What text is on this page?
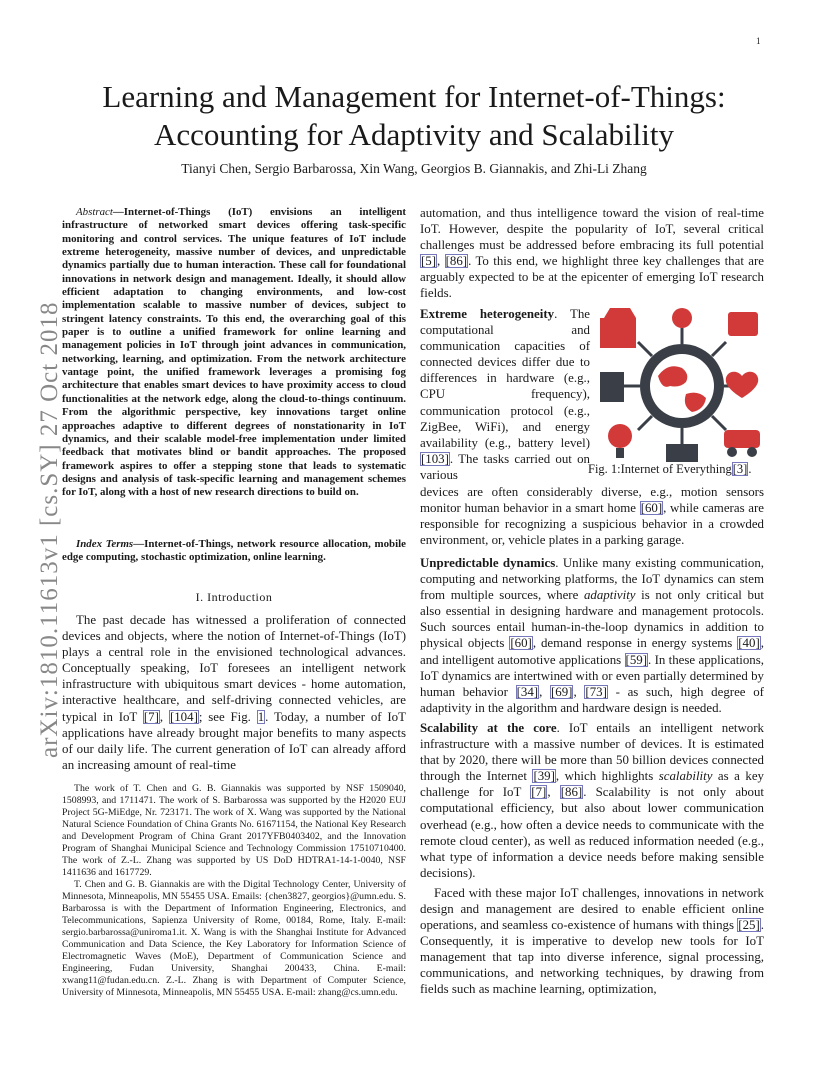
1
arXiv:1810.11613v1 [cs.SY] 27 Oct 2018
Learning and Management for Internet-of-Things:
Accounting for Adaptivity and Scalability
Tianyi Chen, Sergio Barbarossa, Xin Wang, Georgios B. Giannakis, and Zhi-Li Zhang

Abstract—Internet-of-Things (IoT) envisions an intelligent infrastructure of networked smart devices offering task-specific monitoring and control services. The unique features of IoT include extreme heterogeneity, massive number of devices, and unpredictable dynamics partially due to human interaction. These call for foundational innovations in network design and management. Ideally, it should allow efficient adaptation to changing environments, and low-cost implementation scalable to massive number of devices, subject to stringent latency constraints. To this end, the overarching goal of this paper is to outline a unified framework for online learning and management policies in IoT through joint advances in communication, networking, learning, and optimization. From the network architecture vantage point, the unified framework leverages a promising fog architecture that enables smart devices to have proximity access to cloud functionalities at the network edge, along the cloud-to-things continuum. From the algorithmic perspective, key innovations target online approaches adaptive to different degrees of nonstationarity in IoT dynamics, and their scalable model-free implementation under limited feedback that motivates blind or bandit approaches. The proposed framework aspires to offer a stepping stone that leads to systematic designs and analysis of task-specific learning and management schemes for IoT, along with a host of new research directions to build on.

Index Terms—Internet-of-Things, network resource allocation, mobile edge computing, stochastic optimization, online learning.

I. Introduction

The past decade has witnessed a proliferation of connected devices and objects, where the notion of Internet-of-Things (IoT) plays a central role in the envisioned technological advances. Conceptually speaking, IoT foresees an intelligent network infrastructure with ubiquitous smart devices - home automation, interactive healthcare, and self-driving connected vehicles, are typical in IoT [7], [104]; see Fig. 1. Today, a number of IoT applications have already brought major benefits to many aspects of our daily life. The current generation of IoT can already afford an increasing amount of real-time

The work of T. Chen and G. B. Giannakis was supported by NSF 1509040, 1508993, and 1711471. The work of S. Barbarossa was supported by the H2020 EUJ Project 5G-MiEdge, Nr. 723171. The work of X. Wang was supported by the National Natural Science Foundation of China Grants No. 61671154, the National Key Research and Development Program of China Grant 2017YFB0403402, and the Innovation Program of Shanghai Municipal Science and Technology Commission 17510710400. The work of Z.-L. Zhang was supported by US DoD HDTRA1-14-1-0040, NSF 1411636 and 1617729.

T. Chen and G. B. Giannakis are with the Digital Technology Center, University of Minnesota, Minneapolis, MN 55455 USA. Emails: {chen3827, georgios}@umn.edu. S. Barbarossa is with the Department of Information Engineering, Electronics, and Telecommunications, Sapienza University of Rome, 00184, Rome, Italy. E-mail: sergio.barbarossa@uniroma1.it. X. Wang is with the Shanghai Institute for Advanced Communication and Data Science, the Key Laboratory for Information Science of Electromagnetic Waves (MoE), Department of Communication Science and Engineering, Fudan University, Shanghai 200433, China. E-mail: xwang11@fudan.edu.cn. Z.-L. Zhang is with Department of Computer Science, University of Minnesota, Minneapolis, MN 55455 USA. E-mail: zhang@cs.umn.edu.

automation, and thus intelligence toward the vision of real-time IoT. However, despite the popularity of IoT, several critical challenges must be addressed before embracing its full potential [5], [86]. To this end, we highlight three key challenges that are arguably expected to be at the epicenter of emerging IoT research fields.

Extreme heterogeneity. The computational and communication capacities of connected devices differ due to differences in hardware (e.g., CPU frequency), communication protocol (e.g., ZigBee, WiFi), and energy availability (e.g., battery level) [103]. The tasks carried out on various	Fig. 1:Internet of Everything[3].

devices are often considerably diverse, e.g., motion sensors monitor human behavior in a smart home [60], while cameras are responsible for recognizing a suspicious behavior in a crowded environment, or, vehicle plates in a parking garage.

Unpredictable dynamics. Unlike many existing communication, computing and networking platforms, the IoT dynamics can stem from multiple sources, where adaptivity is not only critical but also essential in designing hardware and management protocols. Such sources entail human-in-the-loop dynamics in addition to physical objects [60], demand response in energy systems [40], and intelligent automotive applications [59]. In these applications, IoT dynamics are intertwined with or even partially determined by human behavior [34], [69], [73] - as such, high degree of adaptivity in the algorithm and hardware design is needed.

Scalability at the core. IoT entails an intelligent network infrastructure with a massive number of devices. It is estimated that by 2020, there will be more than 50 billion devices connected through the Internet [39], which highlights scalability as a key challenge for IoT [7], [86]. Scalability is not only about computational efficiency, but also about lower communication overhead (e.g., how often a device needs to communicate with the remote cloud center), as well as reduced information needed (e.g., what type of information a device needs before making sensible decisions).

Faced with these major IoT challenges, innovations in network design and management are desired to enable efficient online operations, and seamless co-existence of humans with things [25]. Consequently, it is imperative to develop new tools for IoT management that tap into diverse inference, signal processing, communications, and networking techniques, by drawing from fields such as machine learning, optimization,
